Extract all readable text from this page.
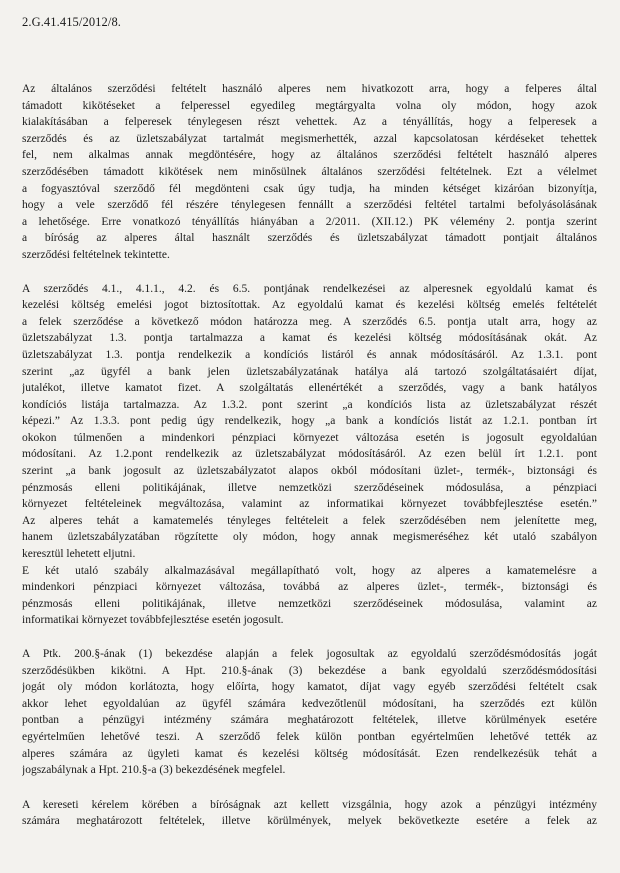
2.G.41.415/2012/8.

Az általános szerződési feltételt használó alperes nem hivatkozott arra, hogy a felperes által
támadott kikötéseket a felperessel egyedileg megtárgyalta volna oly módon, hogy azok
kialakításában a felperesek ténylegesen részt vehettek. Az a tényállítás, hogy a felperesek a
szerződés és az üzletszabályzat tartalmát megismerhették, azzal kapcsolatosan kérdéseket tehettek
fel, nem alkalmas annak megdöntésére, hogy az általános szerződési feltételt használó alperes
szerződésében támadott kikötések nem minősülnek általános szerződési feltételnek. Ezt a vélelmet
a fogyasztóval szerződő fél megdönteni csak úgy tudja, ha minden kétséget kizáróan bizonyítja,
hogy a vele szerződő fél részére ténylegesen fennállt a szerződési feltétel tartalmi befolyásolásának
a lehetősége. Erre vonatkozó tényállítás hiányában a 2/2011. (XII.12.) PK vélemény 2. pontja szerint
a bíróság az alperes által használt szerződés és üzletszabályzat támadott pontjait általános
szerződési feltételnek tekintette.
A szerződés 4.1., 4.1.1., 4.2. és 6.5. pontjának rendelkezései az alperesnek egyoldalú kamat és
kezelési költség emelési jogot biztosítottak. Az egyoldalú kamat és kezelési költség emelés feltételét
a felek szerződése a következő módon határozza meg. A szerződés 6.5. pontja utalt arra, hogy az
üzletszabályzat 1.3. pontja tartalmazza a kamat és kezelési költség módosításának okát. Az
üzletszabályzat 1.3. pontja rendelkezik a kondíciós listáról és annak módosításáról. Az 1.3.1. pont
szerint „az ügyfél a bank jelen üzletszabályzatának hatálya alá tartozó szolgáltatásaiért díjat,
jutalékot, illetve kamatot fizet. A szolgáltatás ellenértékét a szerződés, vagy a bank hatályos
kondíciós listája tartalmazza. Az 1.3.2. pont szerint „a kondíciós lista az üzletszabályzat részét
képezi.” Az 1.3.3. pont pedig úgy rendelkezik, hogy „a bank a kondíciós listát az 1.2.1. pontban írt
okokon túlmenően a mindenkori pénzpiaci környezet változása esetén is jogosult egyoldalúan
módosítani. Az 1.2.pont rendelkezik az üzletszabályzat módosításáról. Az ezen belül írt 1.2.1. pont
szerint „a bank jogosult az üzletszabályzatot alapos okból módosítani üzlet-, termék-, biztonsági és
pénzmosás elleni politikájának, illetve nemzetközi szerződéseinek módosulása, a pénzpiaci
környezet feltételeinek megváltozása, valamint az informatikai környezet továbbfejlesztése esetén.”
Az alperes tehát a kamatemelés tényleges feltételeit a felek szerződésében nem jelenítette meg,
hanem üzletszabályzatában rögzítette oly módon, hogy annak megismeréséhez két utaló szabályon
keresztül lehetett eljutni.
E két utaló szabály alkalmazásával megállapítható volt, hogy az alperes a kamatemelésre a
mindenkori pénzpiaci környezet változása, továbbá az alperes üzlet-, termék-, biztonsági és
pénzmosás elleni politikájának, illetve nemzetközi szerződéseinek módosulása, valamint az
informatikai környezet továbbfejlesztése esetén jogosult.
A Ptk. 200.§-ának (1) bekezdése alapján a felek jogosultak az egyoldalú szerződésmódosítás jogát
szerződésükben kikötni. A Hpt. 210.§-ának (3) bekezdése a bank egyoldalú szerződésmódosítási
jogát oly módon korlátozta, hogy előírta, hogy kamatot, díjat vagy egyéb szerződési feltételt csak
akkor lehet egyoldalúan az ügyfél számára kedvezőtlenül módosítani, ha szerződés ezt külön
pontban a pénzügyi intézmény számára meghatározott feltételek, illetve körülmények esetére
egyértelműen lehetővé teszi. A szerződő felek külön pontban egyértelműen lehetővé tették az
alperes számára az ügyleti kamat és kezelési költség módosítását. Ezen rendelkezésük tehát a
jogszabálynak a Hpt. 210.§-a (3) bekezdésének megfelel.
A kereseti kérelem körében a bíróságnak azt kellett vizsgálnia, hogy azok a pénzügyi intézmény
számára meghatározott feltételek, illetve körülmények, melyek bekövetkezte esetére a felek az
